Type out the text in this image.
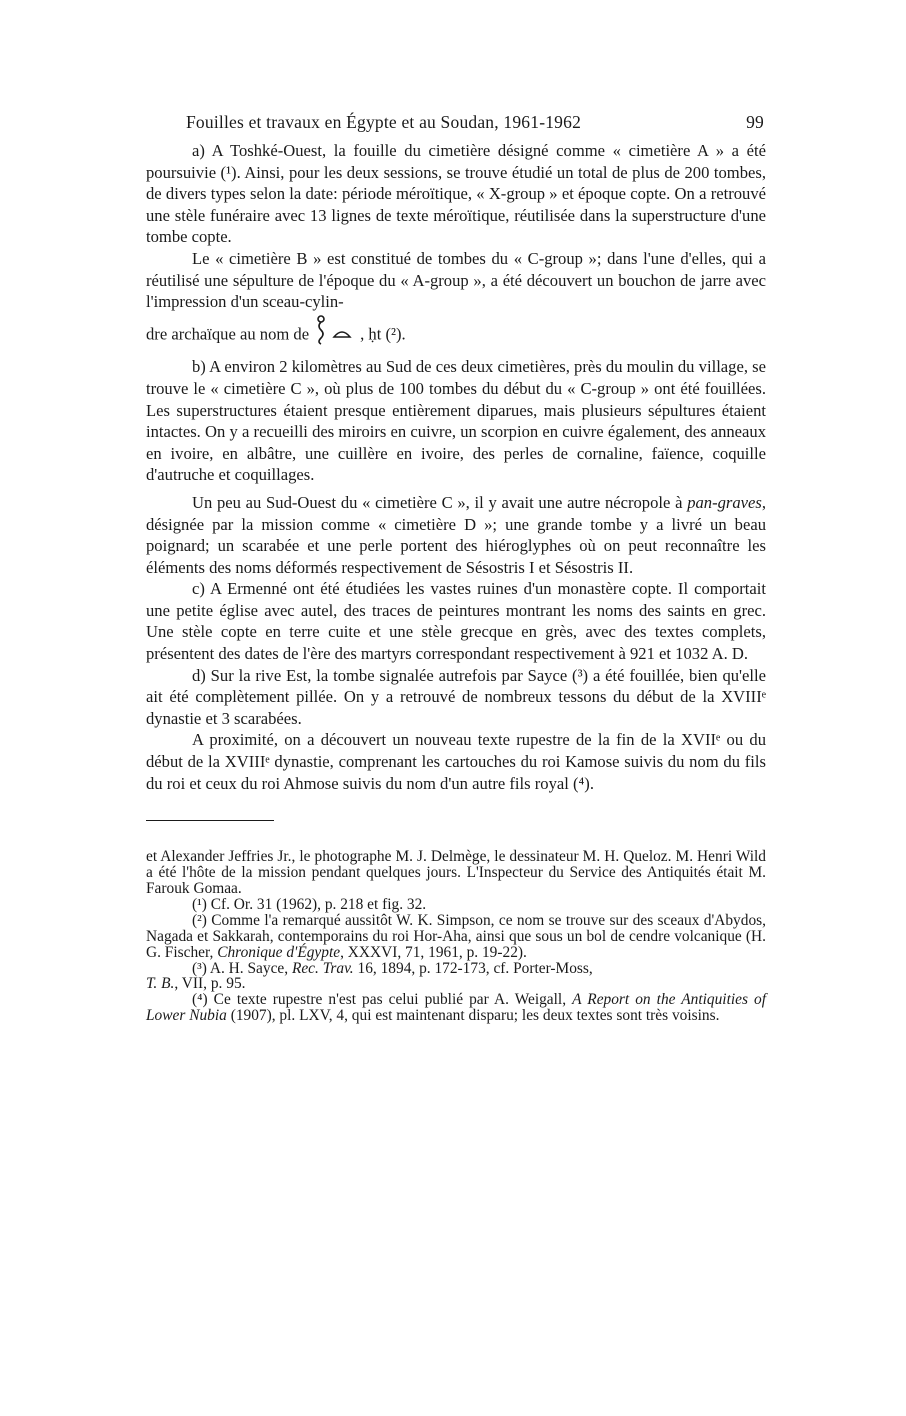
Fouilles et travaux en Égypte et au Soudan, 1961-1962	99

a) A Toshké-Ouest, la fouille du cimetière désigné comme « cimetière A » a été poursuivie (¹). Ainsi, pour les deux sessions, se trouve étudié un total de plus de 200 tombes, de divers types selon la date: période méroïtique, « X-group » et époque copte. On a retrouvé une stèle funéraire avec 13 lignes de texte méroïtique, réutilisée dans la superstructure d'une tombe copte.

Le « cimetière B » est constitué de tombes du « C-group »; dans l'une d'elles, qui a réutilisé une sépulture de l'époque du « A-group », a été découvert un bouchon de jarre avec l'impression d'un sceau-cylin-

dre archaïque au nom de	, ḥt (²).

b) A environ 2 kilomètres au Sud de ces deux cimetières, près du moulin du village, se trouve le « cimetière C », où plus de 100 tombes du début du « C-group » ont été fouillées. Les superstructures étaient presque entièrement diparues, mais plusieurs sépultures étaient intactes. On y a recueilli des miroirs en cuivre, un scorpion en cuivre également, des anneaux en ivoire, en albâtre, une cuillère en ivoire, des perles de cornaline, faïence, coquille d'autruche et coquillages.

Un peu au Sud-Ouest du « cimetière C », il y avait une autre nécropole à pan-graves, désignée par la mission comme « cimetière D »; une grande tombe y a livré un beau poignard; un scarabée et une perle portent des hiéroglyphes où on peut reconnaître les éléments des noms déformés respectivement de Sésostris I et Sésostris II.

c) A Ermenné ont été étudiées les vastes ruines d'un monastère copte. Il comportait une petite église avec autel, des traces de peintures montrant les noms des saints en grec. Une stèle copte en terre cuite et une stèle grecque en grès, avec des textes complets, présentent des dates de l'ère des martyrs correspondant respectivement à 921 et 1032 A. D.

d) Sur la rive Est, la tombe signalée autrefois par Sayce (³) a été fouillée, bien qu'elle ait été complètement pillée. On y a retrouvé de nombreux tessons du début de la XVIIIᵉ dynastie et 3 scarabées.

A proximité, on a découvert un nouveau texte rupestre de la fin de la XVIIᵉ ou du début de la XVIIIᵉ dynastie, comprenant les cartouches du roi Kamose suivis du nom du fils du roi et ceux du roi Ahmose suivis du nom d'un autre fils royal (⁴).

et Alexander Jeffries Jr., le photographe M. J. Delmège, le dessinateur M. H. Queloz. M. Henri Wild a été l'hôte de la mission pendant quelques jours. L'Inspecteur du Service des Antiquités était M. Farouk Gomaa.

(¹) Cf. Or. 31 (1962), p. 218 et fig. 32.

(²) Comme l'a remarqué aussitôt W. K. Simpson, ce nom se trouve sur des sceaux d'Abydos, Nagada et Sakkarah, contemporains du roi Hor-Aha, ainsi que sous un bol de cendre volcanique (H. G. Fischer, Chronique d'Égypte, XXXVI, 71, 1961, p. 19-22).

(³) A. H. Sayce, Rec. Trav. 16, 1894, p. 172-173, cf. Porter-Moss,
T. B., VII, p. 95.

(⁴) Ce texte rupestre n'est pas celui publié par A. Weigall, A Report on the Antiquities of Lower Nubia (1907), pl. LXV, 4, qui est maintenant disparu; les deux textes sont très voisins.
